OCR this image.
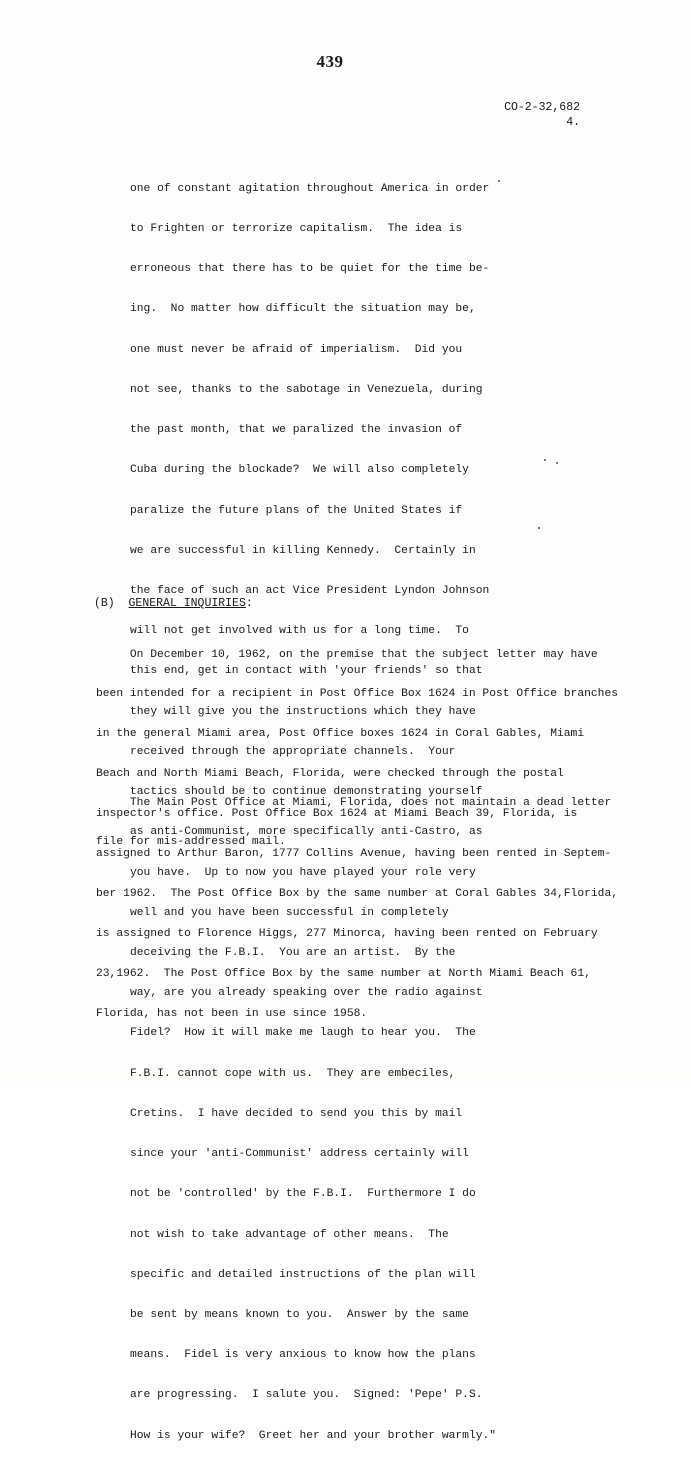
439
CO-2-32,682
4.

one of constant agitation throughout America in order

to Frighten or terrorize capitalism.  The idea is

erroneous that there has to be quiet for the time be-

ing.  No matter how difficult the situation may be,

one must never be afraid of imperialism.  Did you

not see, thanks to the sabotage in Venezuela, during

the past month, that we paralized the invasion of

Cuba during the blockade?  We will also completely

paralize the future plans of the United States if

we are successful in killing Kennedy.  Certainly in

the face of such an act Vice President Lyndon Johnson

will not get involved with us for a long time.  To

this end, get in contact with 'your friends' so that

they will give you the instructions which they have

received through the appropriate channels.  Your

tactics should be to continue demonstrating yourself

as anti-Communist, more specifically anti-Castro, as

you have.  Up to now you have played your role very

well and you have been successful in completely

deceiving the F.B.I.  You are an artist.  By the

way, are you already speaking over the radio against

Fidel?  How it will make me laugh to hear you.  The

F.B.I. cannot cope with us.  They are embeciles,

Cretins.  I have decided to send you this by mail

since your 'anti-Communist' address certainly will

not be 'controlled' by the F.B.I.  Furthermore I do

not wish to take advantage of other means.  The

specific and detailed instructions of the plan will

be sent by means known to you.  Answer by the same

means.  Fidel is very anxious to know how the plans

are progressing.  I salute you.  Signed: 'Pepe' P.S.

How is your wife?  Greet her and your brother warmly."

(B) GENERAL INQUIRIES:

On December 10, 1962, on the premise that the subject letter may have

been intended for a recipient in Post Office Box 1624 in Post Office branches

in the general Miami area, Post Office boxes 1624 in Coral Gables, Miami

Beach and North Miami Beach, Florida, were checked through the postal

inspector's office. Post Office Box 1624 at Miami Beach 39, Florida, is

assigned to Arthur Baron, 1777 Collins Avenue, having been rented in Septem-

ber 1962.  The Post Office Box by the same number at Coral Gables 34,Florida,

is assigned to Florence Higgs, 277 Minorca, having been rented on February

23,1962.  The Post Office Box by the same number at North Miami Beach 61,

Florida, has not been in use since 1958.

The Main Post Office at Miami, Florida, does not maintain a dead letter

file for mis-addressed mail.
